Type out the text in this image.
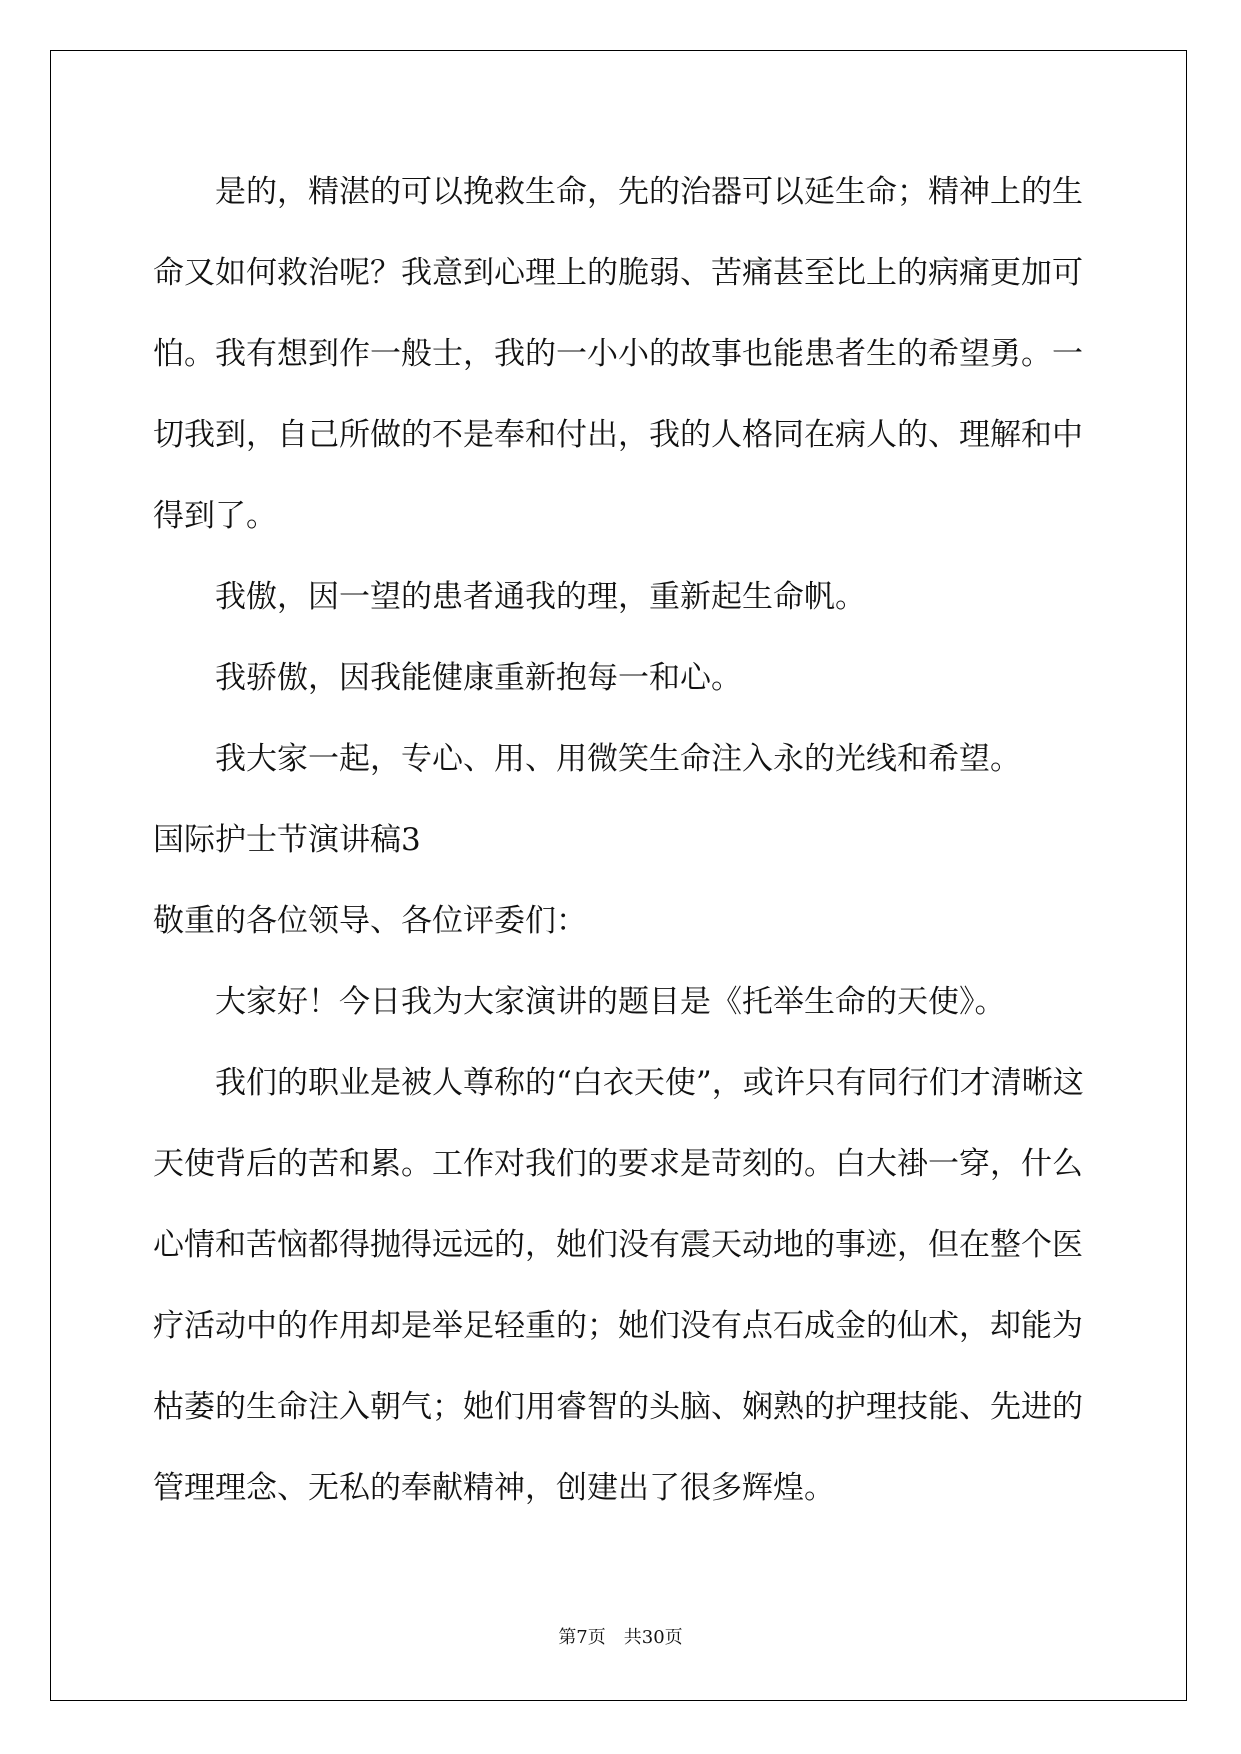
是的，精湛的可以挽救生命，先的治器可以延生命；精神上的生
命又如何救治呢？我意到心理上的脆弱、苦痛甚至比上的病痛更加可
怕。我有想到作一般士，我的一小小的故事也能患者生的希望勇。一
切我到，自己所做的不是奉和付出，我的人格同在病人的、理解和中
得到了。
我傲，因一望的患者通我的理，重新起生命帆。
我骄傲，因我能健康重新抱每一和心。
我大家一起，专心、用、用微笑生命注入永的光线和希望。
国际护士节演讲稿3
敬重的各位领导、各位评委们：
大家好！今日我为大家演讲的题目是《托举生命的天使》。
我们的职业是被人尊称的“白衣天使”，或许只有同行们才清晰这
天使背后的苦和累。工作对我们的要求是苛刻的。白大褂一穿，什么
心情和苦恼都得抛得远远的，她们没有震天动地的事迹，但在整个医
疗活动中的作用却是举足轻重的；她们没有点石成金的仙术，却能为
枯萎的生命注入朝气；她们用睿智的头脑、娴熟的护理技能、先进的
管理理念、无私的奉献精神，创建出了很多辉煌。
第7页　共30页
